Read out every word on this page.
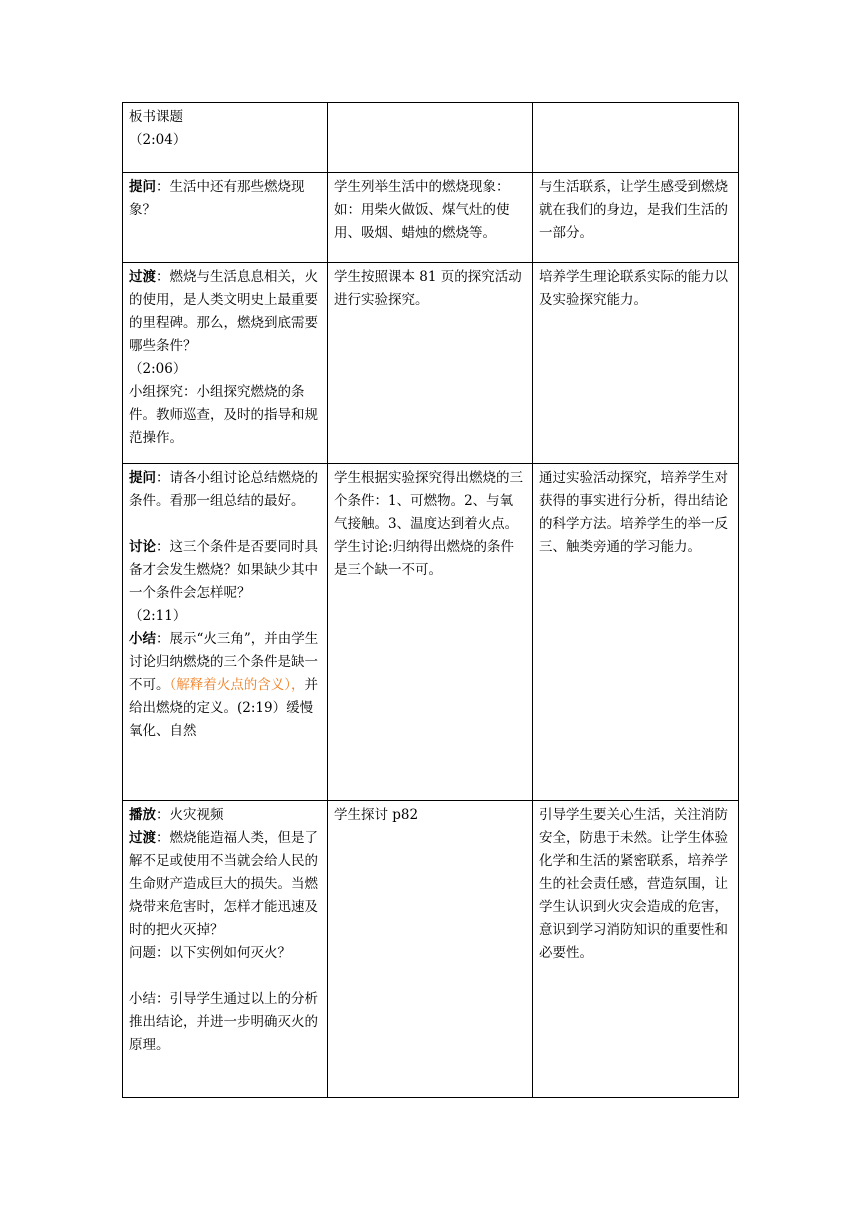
板书课题
（2:04）		

提问：生活中还有那些燃烧现象？	学生列举生活中的燃烧现象：如：用柴火做饭、煤气灶的使用、吸烟、蜡烛的燃烧等。	与生活联系，让学生感受到燃烧就在我们的身边，是我们生活的一部分。

过渡：燃烧与生活息息相关，火的使用，是人类文明史上最重要的里程碑。那么，燃烧到底需要哪些条件？
（2:06）
小组探究：小组探究燃烧的条件。教师巡查，及时的指导和规范操作。	学生按照课本 81 页的探究活动进行实验探究。	培养学生理论联系实际的能力以及实验探究能力。

提问：请各小组讨论总结燃烧的条件。看那一组总结的最好。
讨论：这三个条件是否要同时具备才会发生燃烧？如果缺少其中一个条件会怎样呢？
（2:11）
小结：展示“火三角”，并由学生讨论归纳燃烧的三个条件是缺一不可。（解释着火点的含义），并给出燃烧的定义。(2:19）缓慢氧化、自然	学生根据实验探究得出燃烧的三个条件：1、可燃物。2、与氧气接触。3、温度达到着火点。
学生讨论:归纳得出燃烧的条件是三个缺一不可。	通过实验活动探究，培养学生对获得的事实进行分析，得出结论的科学方法。培养学生的举一反三、触类旁通的学习能力。

播放：火灾视频
过渡：燃烧能造福人类，但是了解不足或使用不当就会给人民的生命财产造成巨大的损失。当燃烧带来危害时，怎样才能迅速及时的把火灭掉？
问题：以下实例如何灭火？
小结：引导学生通过以上的分析推出结论，并进一步明确灭火的原理。	学生探讨 p82	引导学生要关心生活，关注消防安全，防患于未然。让学生体验化学和生活的紧密联系，培养学生的社会责任感，营造氛围，让学生认识到火灾会造成的危害，意识到学习消防知识的重要性和必要性。
